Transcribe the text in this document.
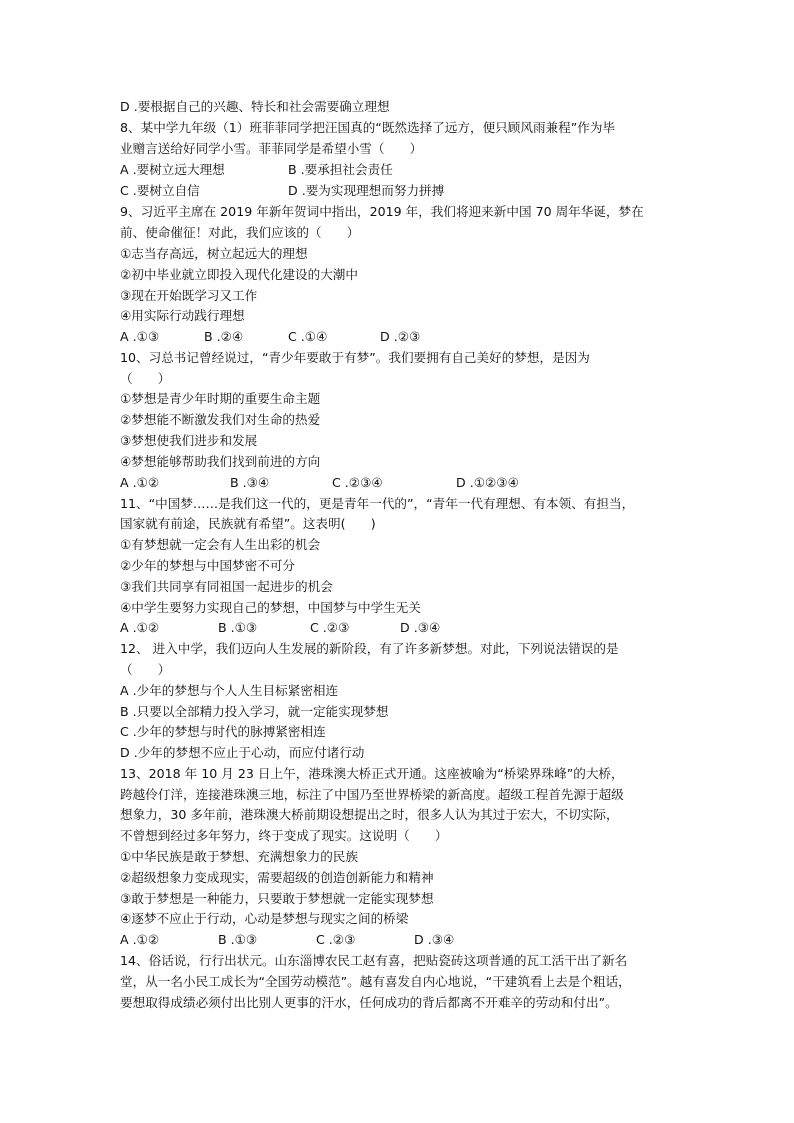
D .要根据自己的兴趣、特长和社会需要确立理想
8、某中学九年级（1）班菲菲同学把汪国真的“既然选择了远方，便只顾风雨兼程”作为毕
业赠言送给好同学小雪。菲菲同学是希望小雪（　　）
A .要树立远大理想	B .要承担社会责任
C .要树立自信	D .要为实现理想而努力拼搏
9、习近平主席在 2019 年新年贺词中指出，2019 年，我们将迎来新中国 70 周年华诞，梦在
前、使命催征！对此，我们应该的（　　）
①志当存高远，树立起远大的理想
②初中毕业就立即投入现代化建设的大潮中
③现在开始既学习又工作
④用实际行动践行理想
A .①③	B .②④	C .①④	D .②③
10、习总书记曾经说过，“青少年要敢于有梦”。我们要拥有自己美好的梦想，是因为
（　　）
①梦想是青少年时期的重要生命主题
②梦想能不断激发我们对生命的热爱
③梦想使我们进步和发展
④梦想能够帮助我们找到前进的方向
A .①②	B .③④	C .②③④	D .①②③④
11、“中国梦……是我们这一代的，更是青年一代的”，“青年一代有理想、有本领、有担当，
国家就有前途，民族就有希望”。这表明(　　)
①有梦想就一定会有人生出彩的机会
②少年的梦想与中国梦密不可分
③我们共同享有同祖国一起进步的机会
④中学生要努力实现自己的梦想，中国梦与中学生无关
A .①②	B .①③	C .②③	D .③④
12、 进入中学，我们迈向人生发展的新阶段，有了许多新梦想。对此，下列说法错误的是
（　　）
A .少年的梦想与个人人生目标紧密相连
B .只要以全部精力投入学习，就一定能实现梦想
C .少年的梦想与时代的脉搏紧密相连
D .少年的梦想不应止于心动，而应付诸行动
13、2018 年 10 月 23 日上午，港珠澳大桥正式开通。这座被喻为“桥梁界珠峰”的大桥，
跨越伶仃洋，连接港珠澳三地，标注了中国乃至世界桥梁的新高度。超级工程首先源于超级
想象力，30 多年前，港珠澳大桥前期设想提出之时，很多人认为其过于宏大，不切实际，
不曾想到经过多年努力，终于变成了现实。这说明（　　）
①中华民族是敢于梦想、充满想象力的民族
②超级想象力变成现实，需要超级的创造创新能力和精神
③敢于梦想是一种能力，只要敢于梦想就一定能实现梦想
④逐梦不应止于行动，心动是梦想与现实之间的桥梁
A .①②	B .①③	C .②③	D .③④
14、俗话说，行行出状元。山东淄博农民工赵有喜，把贴瓷砖这项普通的瓦工活干出了新名
堂，从一名小民工成长为“全国劳动模范”。越有喜发自内心地说，“干建筑看上去是个粗话，
要想取得成绩必须付出比别人更事的汗水，任何成功的背后都离不开难辛的劳动和付出”。
